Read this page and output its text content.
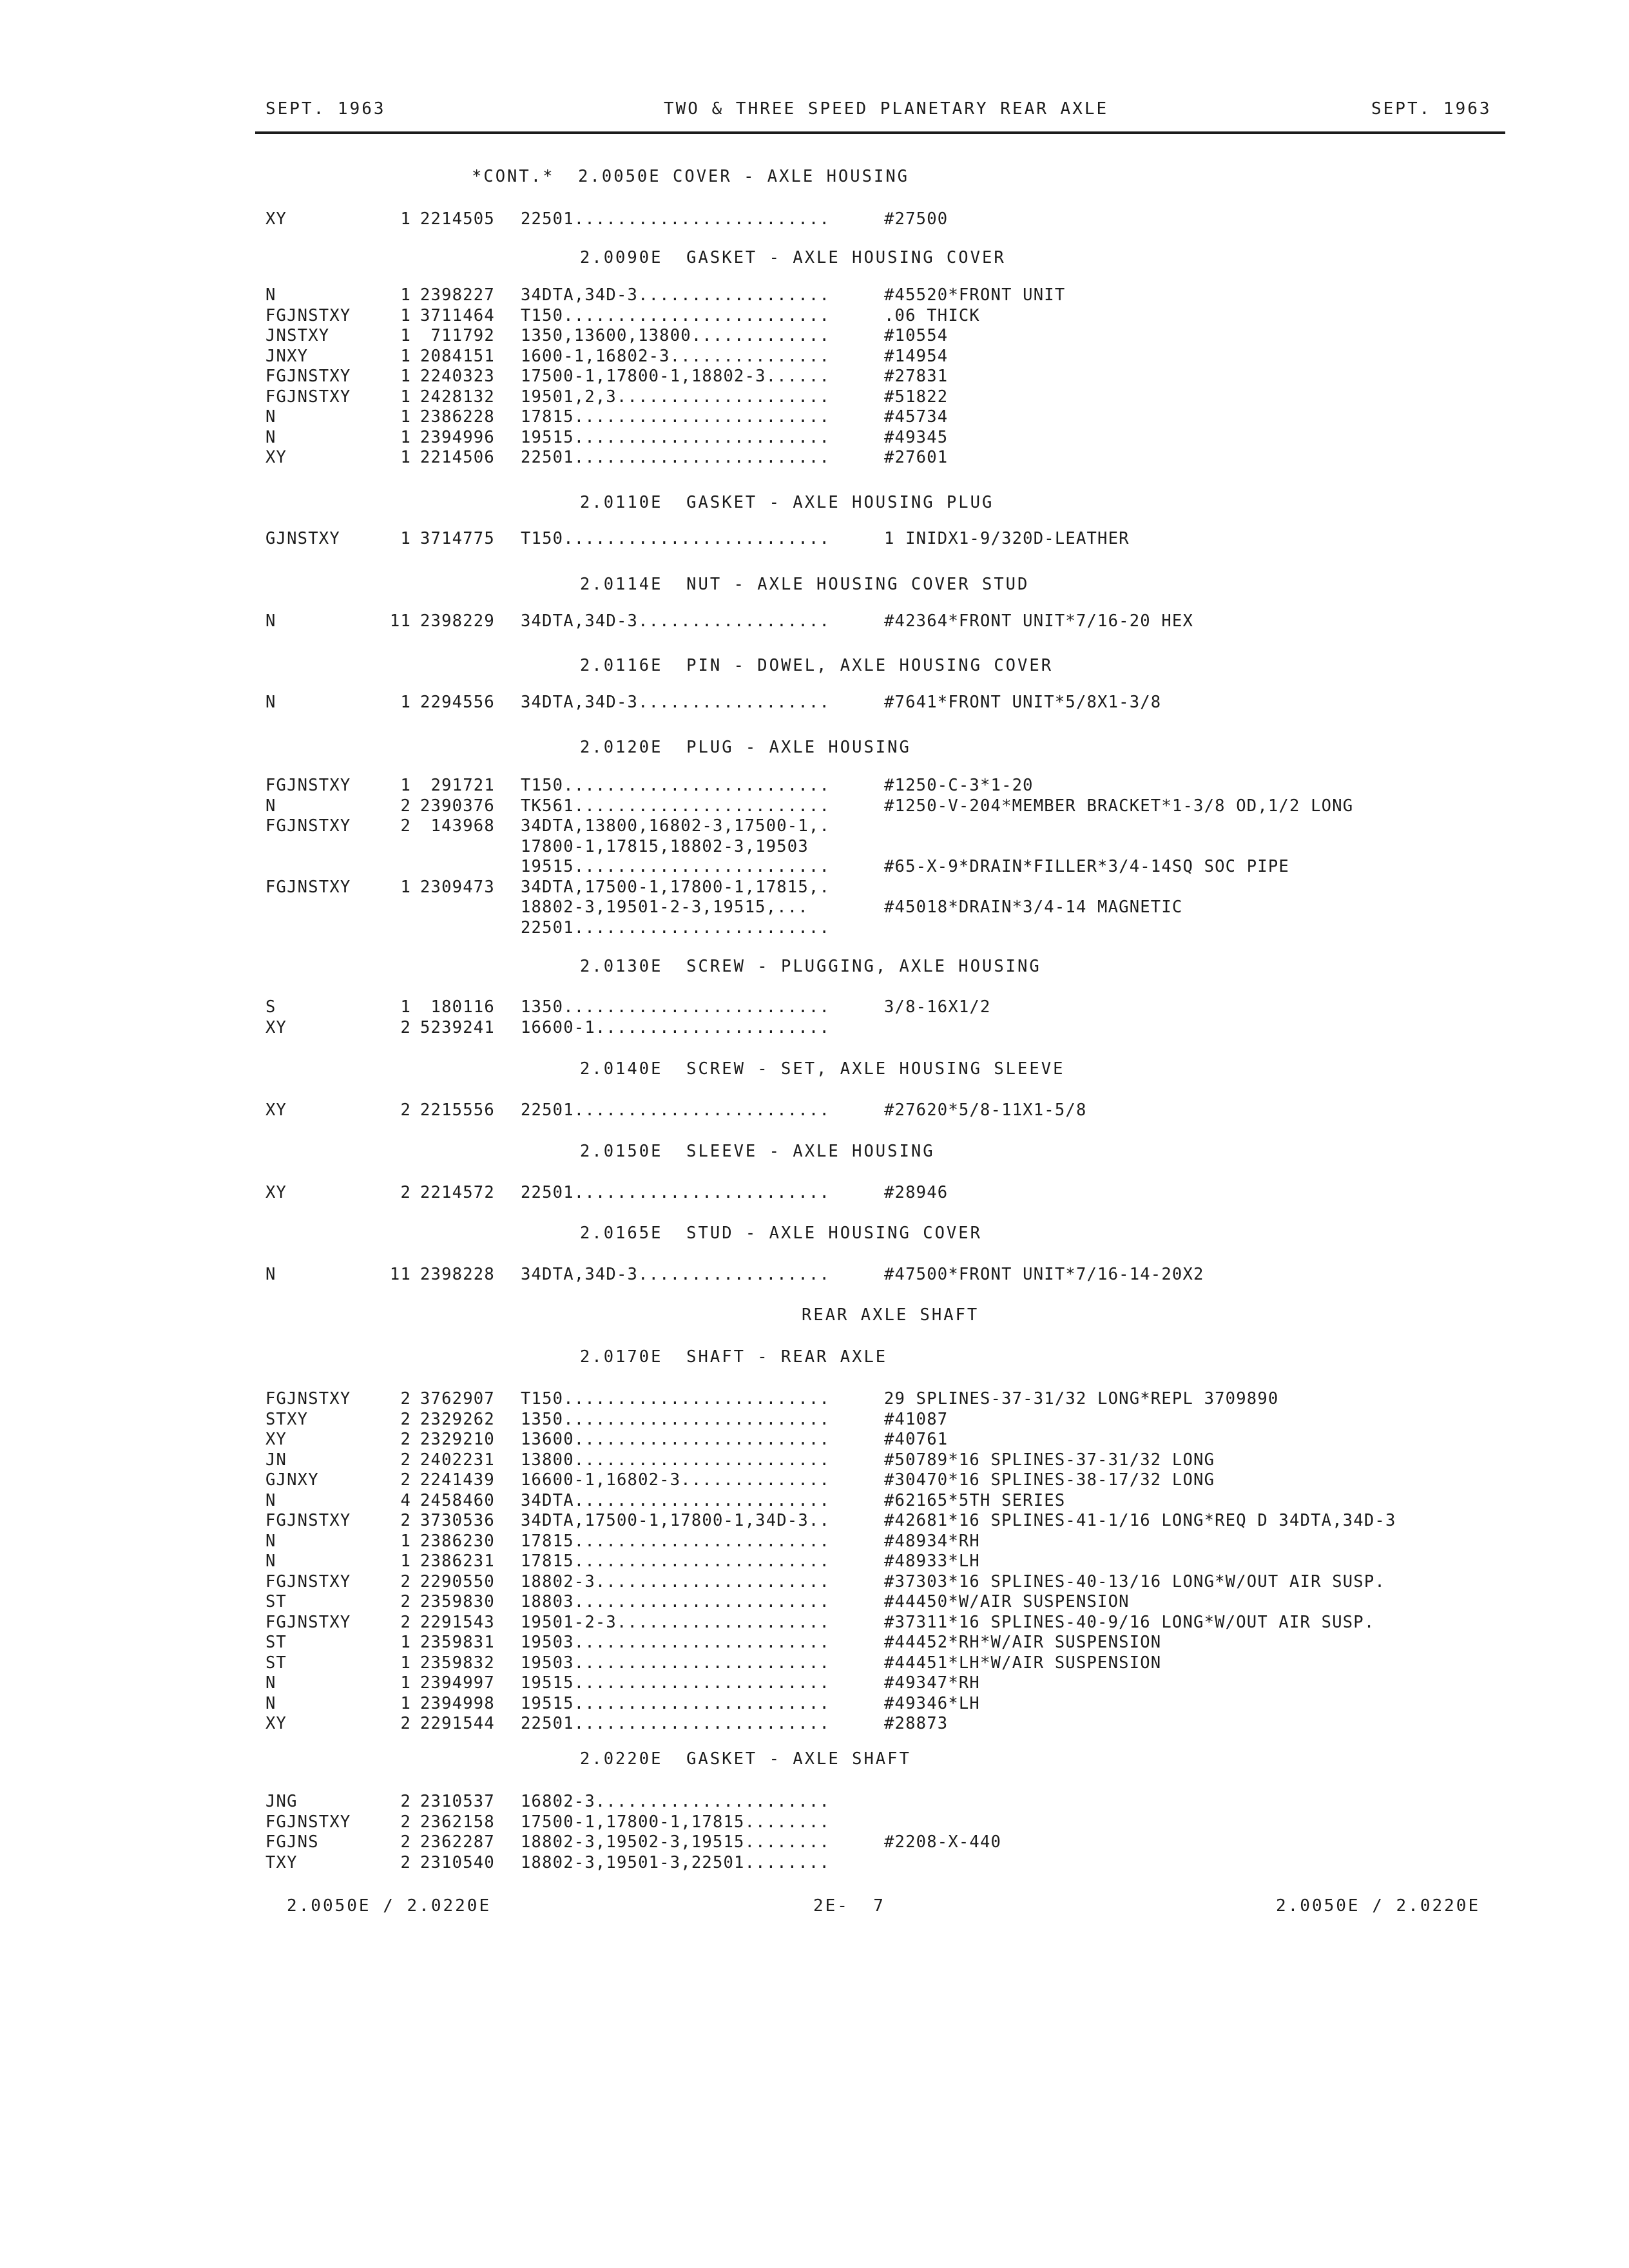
SEPT. 1963	TWO & THREE SPEED PLANETARY REAR AXLE	SEPT. 1963
*CONT.*  2.0050E COVER - AXLE HOUSING
XY	1 2214505 22501........................	#27500
2.0090E  GASKET - AXLE HOUSING COVER
N	1 2398227 34DTA,34D-3..................	#45520*FRONT UNIT
FGJNSTXY	1 3711464 T150.........................	.06 THICK
JNSTXY	1 711792 1350,13600,13800.............	#10554
JNXY	1 2084151 1600-1,16802-3...............	#14954
FGJNSTXY	1 2240323 17500-1,17800-1,18802-3......	#27831
FGJNSTXY	1 2428132 19501,2,3....................	#51822
N	1 2386228 17815........................	#45734
N	1 2394996 19515........................	#49345
XY	1 2214506 22501........................	#27601
2.0110E  GASKET - AXLE HOUSING PLUG
GJNSTXY	1 3714775 T150.........................	1 INIDX1-9/320D-LEATHER
2.0114E  NUT - AXLE HOUSING COVER STUD
N	11 2398229 34DTA,34D-3..................	#42364*FRONT UNIT*7/16-20 HEX
2.0116E  PIN - DOWEL, AXLE HOUSING COVER
N	1 2294556 34DTA,34D-3..................	#7641*FRONT UNIT*5/8X1-3/8
2.0120E  PLUG - AXLE HOUSING
FGJNSTXY	1 291721 T150.........................	#1250-C-3*1-20
N	2 2390376 TK561........................	#1250-V-204*MEMBER BRACKET*1-3/8 OD,1/2 LONG
FGJNSTXY	2 143968 34DTA,13800,16802-3,17500-1,.
17800-1,17815,18802-3,19503
19515........................	#65-X-9*DRAIN*FILLER*3/4-14SQ SOC PIPE
FGJNSTXY	1 2309473 34DTA,17500-1,17800-1,17815,.
18802-3,19501-2-3,19515,...	#45018*DRAIN*3/4-14 MAGNETIC
22501........................
2.0130E  SCREW - PLUGGING, AXLE HOUSING
S	1 180116 1350.........................	3/8-16X1/2
XY	2 5239241 16600-1......................
2.0140E  SCREW - SET, AXLE HOUSING SLEEVE
XY	2 2215556 22501........................	#27620*5/8-11X1-5/8
2.0150E  SLEEVE - AXLE HOUSING
XY	2 2214572 22501........................	#28946
2.0165E  STUD - AXLE HOUSING COVER
N	11 2398228 34DTA,34D-3..................	#47500*FRONT UNIT*7/16-14-20X2
REAR AXLE SHAFT
2.0170E  SHAFT - REAR AXLE
FGJNSTXY	2 3762907 T150.........................	29 SPLINES-37-31/32 LONG*REPL 3709890
STXY	2 2329262 1350.........................	#41087
XY	2 2329210 13600........................	#40761
JN	2 2402231 13800........................	#50789*16 SPLINES-37-31/32 LONG
GJNXY	2 2241439 16600-1,16802-3..............	#30470*16 SPLINES-38-17/32 LONG
N	4 2458460 34DTA........................	#62165*5TH SERIES
FGJNSTXY	2 3730536 34DTA,17500-1,17800-1,34D-3..	#42681*16 SPLINES-41-1/16 LONG*REQ D 34DTA,34D-3
N	1 2386230 17815........................	#48934*RH
N	1 2386231 17815........................	#48933*LH
FGJNSTXY	2 2290550 18802-3......................	#37303*16 SPLINES-40-13/16 LONG*W/OUT AIR SUSP.
ST	2 2359830 18803........................	#44450*W/AIR SUSPENSION
FGJNSTXY	2 2291543 19501-2-3....................	#37311*16 SPLINES-40-9/16 LONG*W/OUT AIR SUSP.
ST	1 2359831 19503........................	#44452*RH*W/AIR SUSPENSION
ST	1 2359832 19503........................	#44451*LH*W/AIR SUSPENSION
N	1 2394997 19515........................	#49347*RH
N	1 2394998 19515........................	#49346*LH
XY	2 2291544 22501........................	#28873
2.0220E  GASKET - AXLE SHAFT
JNG	2 2310537 16802-3......................
FGJNSTXY	2 2362158 17500-1,17800-1,17815........
FGJNS	2 2362287 18802-3,19502-3,19515........	#2208-X-440
TXY	2 2310540 18802-3,19501-3,22501........
2.0050E / 2.0220E	2E-  7	2.0050E / 2.0220E
